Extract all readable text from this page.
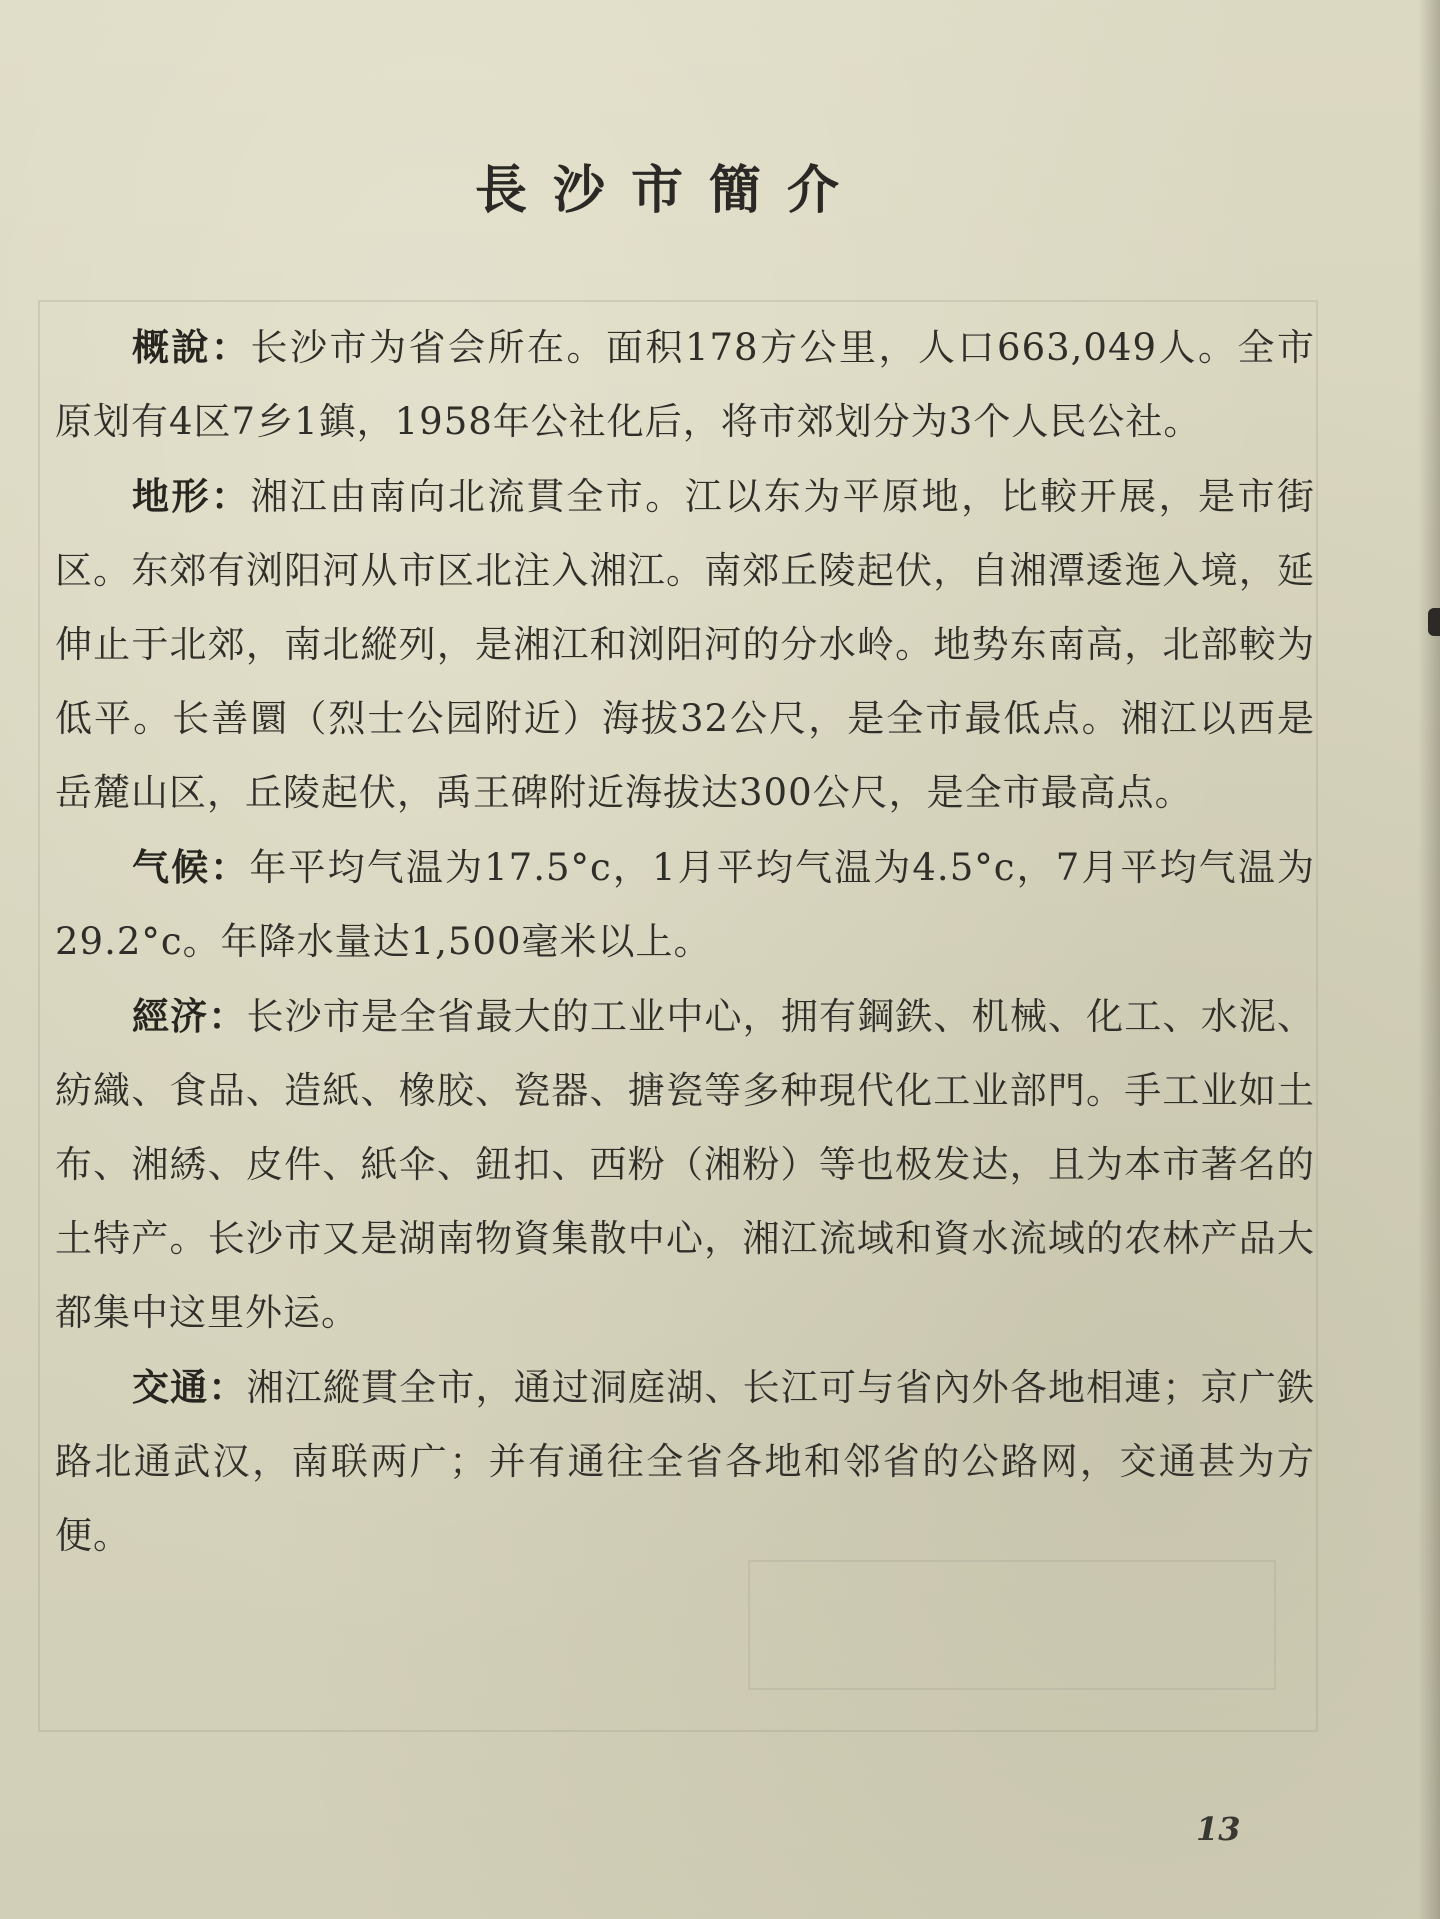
長沙市簡介

概說：长沙市为省会所在。面积178方公里，人口663,049人。全市原划有4区7乡1鎮，1958年公社化后，将市郊划分为3个人民公社。

地形：湘江由南向北流貫全市。江以东为平原地，比較开展，是市街区。东郊有浏阳河从市区北注入湘江。南郊丘陵起伏，自湘潭逶迤入境，延伸止于北郊，南北縱列，是湘江和浏阳河的分水岭。地势东南高，北部較为低平。长善圜（烈士公园附近）海拔32公尺，是全市最低点。湘江以西是岳麓山区，丘陵起伏，禹王碑附近海拔达300公尺，是全市最高点。

气候：年平均气温为17.5°c，1月平均气温为4.5°c，7月平均气温为29.2°c。年降水量达1,500毫米以上。

經济：长沙市是全省最大的工业中心，拥有鋼鉄、机械、化工、水泥、紡織、食品、造紙、橡胶、瓷器、搪瓷等多种現代化工业部門。手工业如土布、湘綉、皮件、紙伞、鈕扣、西粉（湘粉）等也极发达，且为本市著名的土特产。长沙市又是湖南物資集散中心，湘江流域和資水流域的农林产品大都集中这里外运。

交通：湘江縱貫全市，通过洞庭湖、长江可与省內外各地相連；京广鉄路北通武汉，南联两广；并有通往全省各地和邻省的公路网，交通甚为方便。

13
